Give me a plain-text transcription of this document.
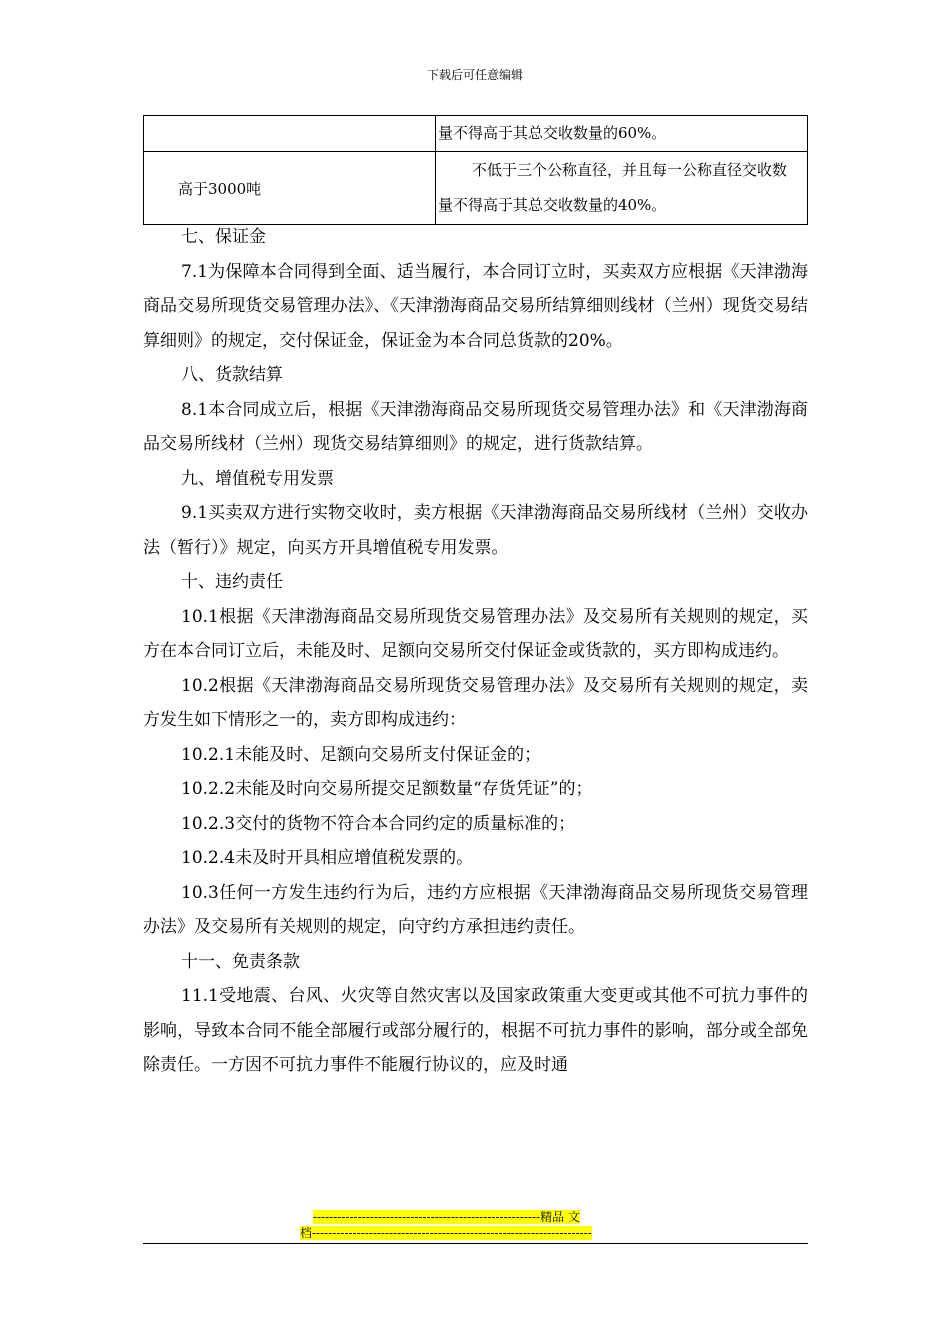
下载后可任意编辑

	量不得高于其总交收数量的60%。

高于3000吨	不低于三个公称直径，并且每一公称直径交收数

量不得高于其总交收数量的40%。

七、保证金

7.1为保障本合同得到全面、适当履行，本合同订立时，买卖双方应根据《天津渤海商品交易所现货交易管理办法》、《天津渤海商品交易所结算细则线材（兰州）现货交易结算细则》的规定，交付保证金，保证金为本合同总货款的20%。

八、货款结算

8.1本合同成立后，根据《天津渤海商品交易所现货交易管理办法》和《天津渤海商品交易所线材（兰州）现货交易结算细则》的规定，进行货款结算。

九、增值税专用发票

9.1买卖双方进行实物交收时，卖方根据《天津渤海商品交易所线材（兰州）交收办法（暂行）》规定，向买方开具增值税专用发票。

十、违约责任

10.1根据《天津渤海商品交易所现货交易管理办法》及交易所有关规则的规定，买方在本合同订立后，未能及时、足额向交易所交付保证金或货款的，买方即构成违约。

10.2根据《天津渤海商品交易所现货交易管理办法》及交易所有关规则的规定，卖方发生如下情形之一的，卖方即构成违约：

10.2.1未能及时、足额向交易所支付保证金的；

10.2.2未能及时向交易所提交足额数量“存货凭证”的；

10.2.3交付的货物不符合本合同约定的质量标准的；

10.2.4未及时开具相应增值税发票的。

10.3任何一方发生违约行为后，违约方应根据《天津渤海商品交易所现货交易管理办法》及交易所有关规则的规定，向守约方承担违约责任。

十一、免责条款

11.1受地震、台风、火灾等自然灾害以及国家政策重大变更或其他不可抗力事件的影响，导致本合同不能全部履行或部分履行的，根据不可抗力事件的影响，部分或全部免除责任。一方因不可抗力事件不能履行协议的，应及时通

--------------------------------------------------------精品 文
档---------------------------------------------------------------------
